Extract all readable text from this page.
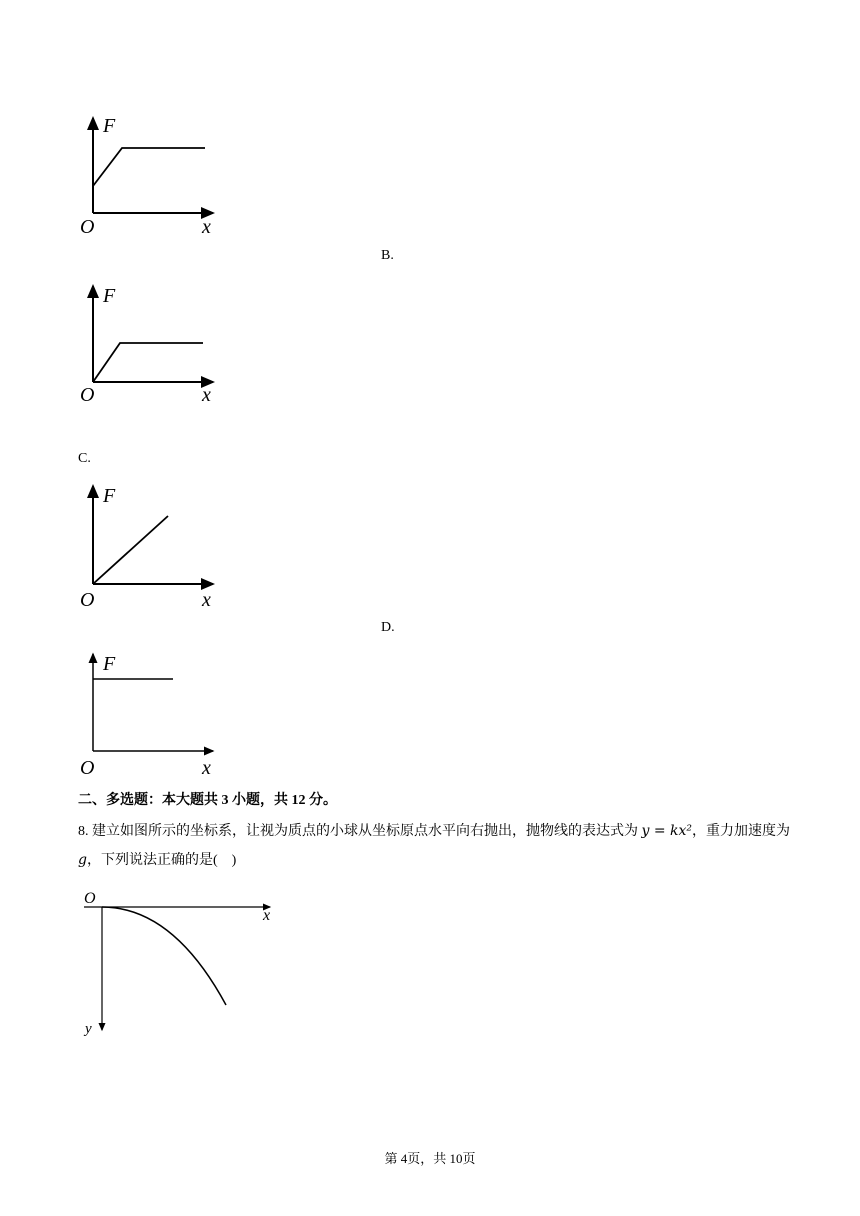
F
O	x
B.
F
O	x
C.
F
O	x
D.
F
O	x
二、多选题：本大题共 3 小题，共 12 分。
8. 建立如图所示的坐标系，让视为质点的小球从坐标原点水平向右抛出，抛物线的表达式为 y = kx²，重力加速度为 g，下列说法正确的是(　)
O
x
y
第 4页，共 10页
